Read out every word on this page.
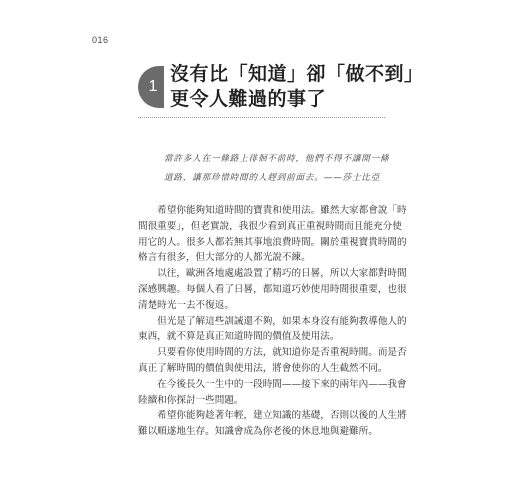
016
1
沒有比「知道」卻「做不到」
更令人難過的事了
當許多人在一條路上徘徊不前時，他們不得不讓開一條
道路，讓那珍惜時間的人趕到前面去。——莎士比亞
　　希望你能夠知道時間的寶貴和使用法。雖然大家都會說「時
間很重要」，但老實說，我很少看到真正重視時間而且能充分使
用它的人。很多人都若無其事地浪費時間。關於重視寶貴時間的
格言有很多，但大部分的人都光說不練。
　　以往，歐洲各地處處設置了精巧的日晷，所以大家都對時間
深感興趣。每個人看了日晷，都知道巧妙使用時間很重要，也很
清楚時光一去不復返。
　　但光是了解這些訓誡還不夠，如果本身沒有能夠教導他人的
東西，就不算是真正知道時間的價值及使用法。
　　只要看你使用時間的方法，就知道你是否重視時間。而是否
真正了解時間的價值與使用法，將會使你的人生截然不同。
　　在今後長久一生中的一段時間——接下來的兩年內——我會
陸續和你探討一些問題。
　　希望你能夠趁著年輕，建立知識的基礎，否則以後的人生將
難以順遂地生存。知識會成為你老後的休息地與避難所。
